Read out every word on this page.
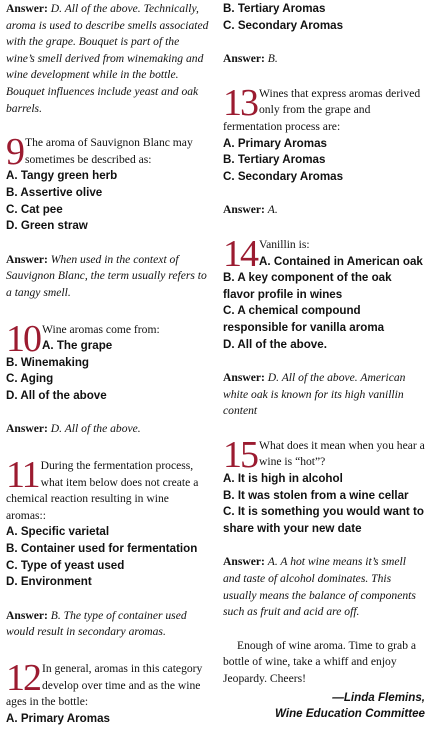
Answer: D. All of the above. Technically, aroma is used to describe smells associated with the grape. Bouquet is part of the wine’s smell derived from winemaking and wine development while in the bottle. Bouquet influences include yeast and oak barrels.

9 The aroma of Sauvignon Blanc may sometimes be described as:
A. Tangy green herb
B. Assertive olive
C. Cat pee
D. Green straw

Answer: When used in the context of Sauvignon Blanc, the term usually refers to a tangy smell.

10 Wine aromas come from:
A. The grape
B. Winemaking
C. Aging
D. All of the above

Answer: D. All of the above.

11 During the fermentation process, what item below does not create a chemical reaction resulting in wine aromas::
A. Specific varietal
B. Container used for fermentation
C. Type of yeast used
D. Environment

Answer: B. The type of container used would result in secondary aromas.

12 In general, aromas in this category develop over time and as the wine ages in the bottle:
A. Primary Aromas
B. Tertiary Aromas
C. Secondary Aromas

Answer: B.

13 Wines that express aromas derived only from the grape and fermentation process are:
A. Primary Aromas
B. Tertiary Aromas
C. Secondary Aromas

Answer: A.

14 Vanillin is:
A. Contained in American oak
B. A key component of the oak flavor profile in wines
C. A chemical compound responsible for vanilla aroma
D. All of the above.

Answer: D. All of the above. American white oak is known for its high vanillin content

15 What does it mean when you hear a wine is “hot”?
A. It is high in alcohol
B. It was stolen from a wine cellar
C. It is something you would want to share with your new date

Answer: A. A hot wine means it’s smell and taste of alcohol dominates. This usually means the balance of components such as fruit and acid are off.

Enough of wine aroma. Time to grab a bottle of wine, take a whiff and enjoy Jeopardy. Cheers!

—Linda Flemins,
Wine Education Committee
